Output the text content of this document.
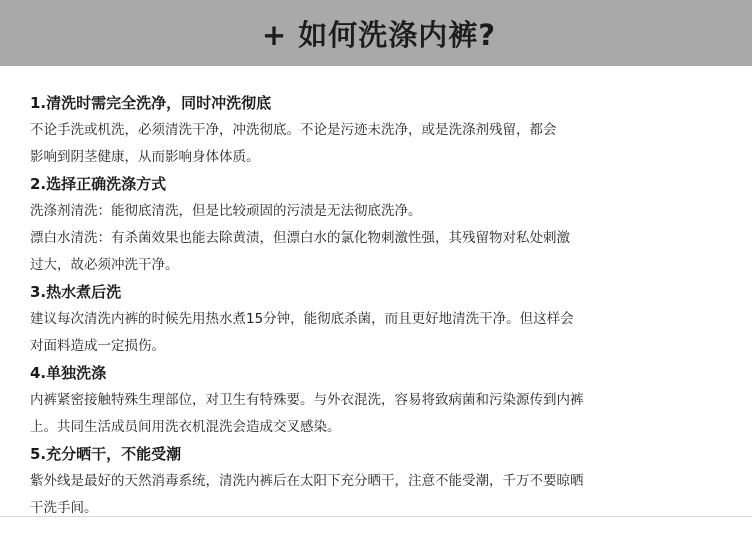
+ 如何洗涤内裤?
1.清洗时需完全洗净，同时冲洗彻底
不论手洗或机洗，必须清洗干净，冲洗彻底。不论是污迹未洗净，或是洗涤剂残留，都会
影响到阴茎健康，从而影响身体体质。
2.选择正确洗涤方式
洗涤剂清洗：能彻底清洗，但是比较顽固的污渍是无法彻底洗净。
漂白水清洗：有杀菌效果也能去除黄渍，但漂白水的氯化物刺激性强，其残留物对私处刺激
过大，故必须冲洗干净。
3.热水煮后洗
建议每次清洗内裤的时候先用热水煮15分钟，能彻底杀菌，而且更好地清洗干净。但这样会
对面料造成一定损伤。
4.单独洗涤
内裤紧密接触特殊生理部位，对卫生有特殊要。与外衣混洗，容易将致病菌和污染源传到内裤
上。共同生活成员间用洗衣机混洗会造成交叉感染。
5.充分晒干，不能受潮
紫外线是最好的天然消毒系统，清洗内裤后在太阳下充分晒干，注意不能受潮，千万不要晾晒
干洗手间。
